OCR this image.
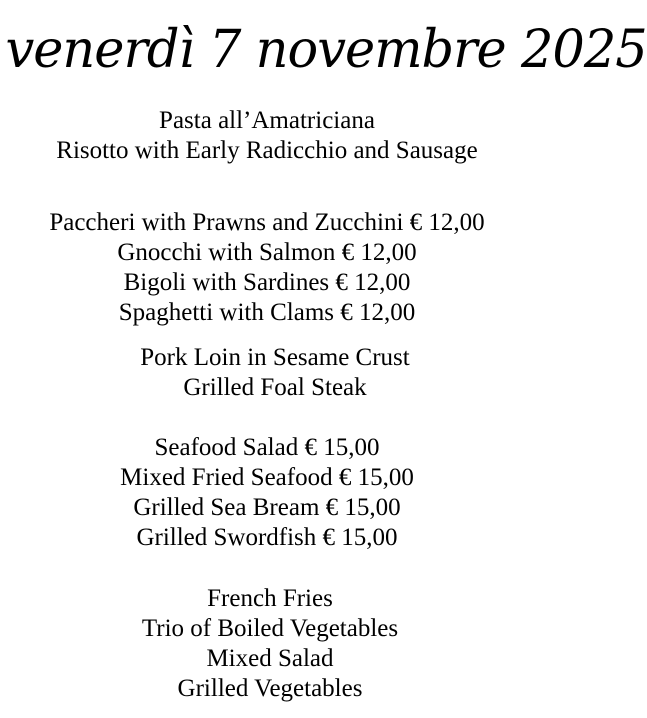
venerdì 7 novembre 2025
Pasta all’Amatriciana
Risotto with Early Radicchio and Sausage
Paccheri with Prawns and Zucchini € 12,00
Gnocchi with Salmon € 12,00
Bigoli with Sardines € 12,00
Spaghetti with Clams € 12,00
Pork Loin in Sesame Crust
Grilled Foal Steak
Seafood Salad € 15,00
Mixed Fried Seafood € 15,00
Grilled Sea Bream € 15,00
Grilled Swordfish € 15,00
French Fries
Trio of Boiled Vegetables
Mixed Salad
Grilled Vegetables
